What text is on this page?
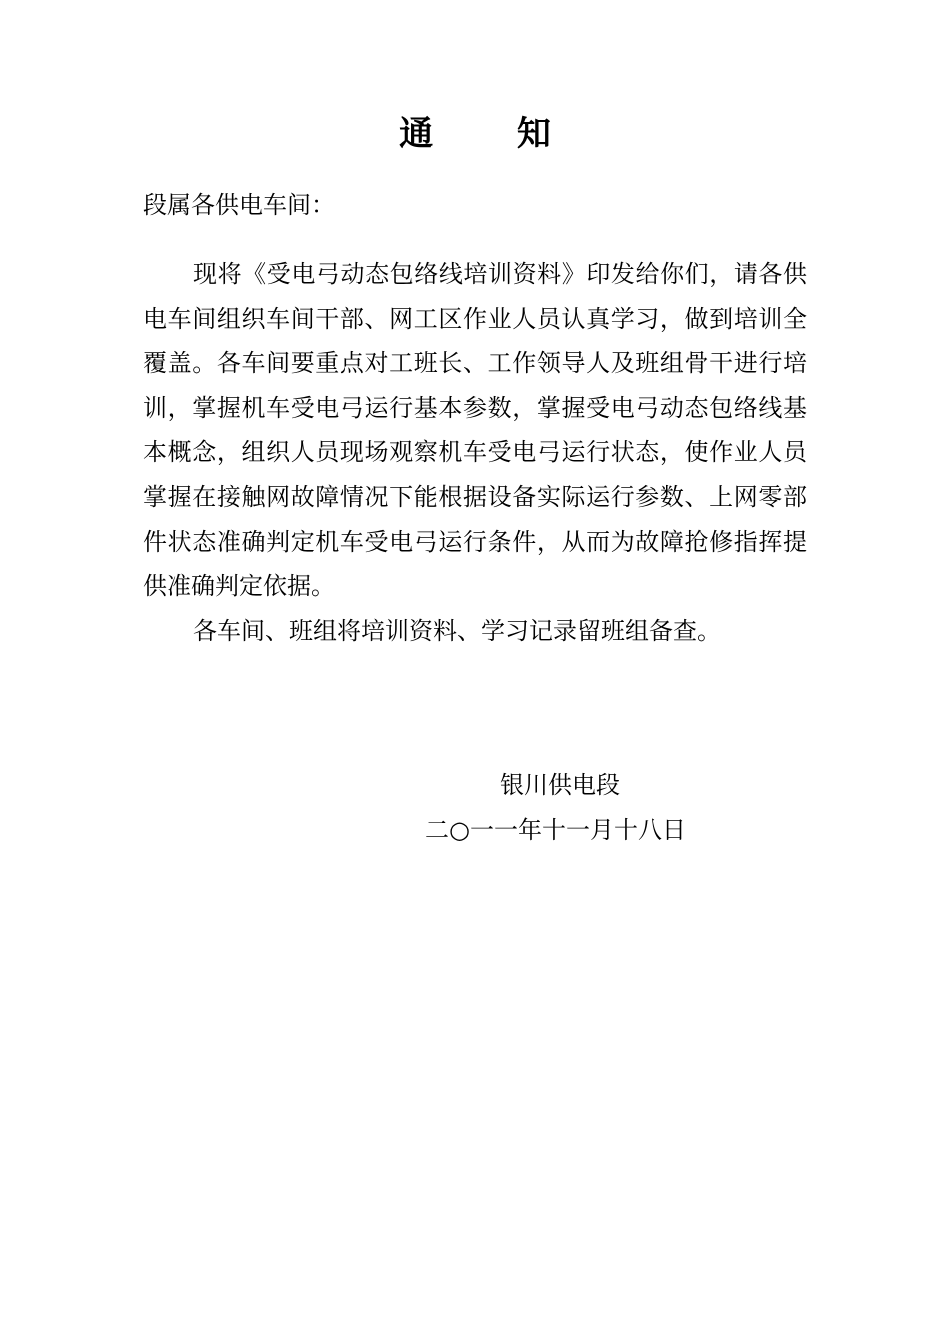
通 知
段属各供电车间：

现将《受电弓动态包络线培训资料》印发给你们，请各供电车间组织车间干部、网工区作业人员认真学习，做到培训全覆盖。各车间要重点对工班长、工作领导人及班组骨干进行培训，掌握机车受电弓运行基本参数，掌握受电弓动态包络线基本概念，组织人员现场观察机车受电弓运行状态，使作业人员掌握在接触网故障情况下能根据设备实际运行参数、上网零部件状态准确判定机车受电弓运行条件，从而为故障抢修指挥提供准确判定依据。

各车间、班组将培训资料、学习记录留班组备查。

银川供电段
二○一一年十一月十八日
